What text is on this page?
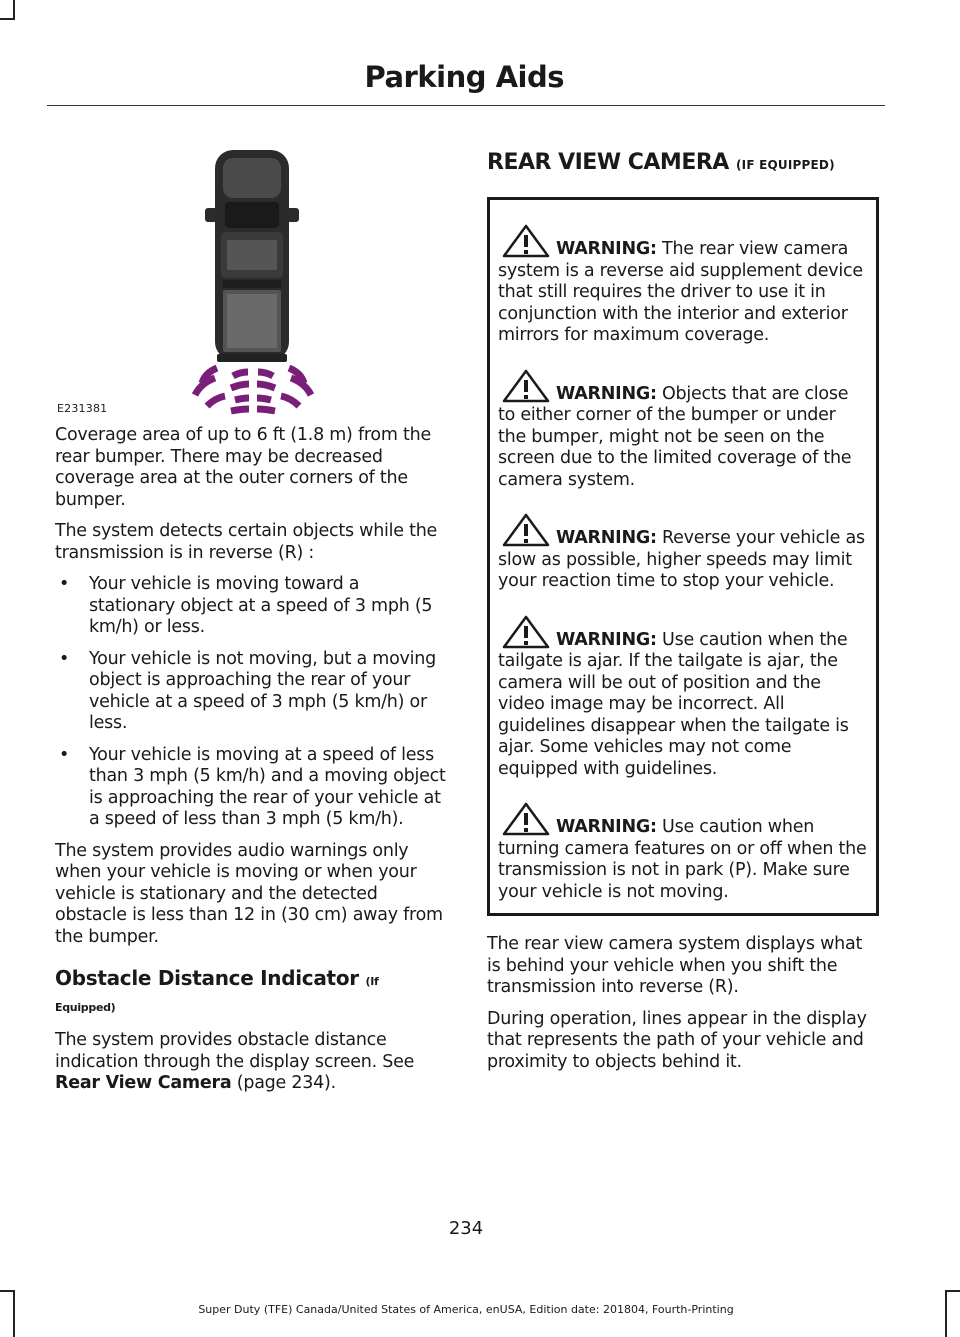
Parking Aids
E231381

Coverage area of up to 6 ft (1.8 m) from the rear bumper. There may be decreased coverage area at the outer corners of the bumper.

The system detects certain objects while the transmission is in reverse (R) :

• Your vehicle is moving toward a stationary object at a speed of 3 mph (5 km/h) or less.
• Your vehicle is not moving, but a moving object is approaching the rear of your vehicle at a speed of 3 mph (5 km/h) or less.
• Your vehicle is moving at a speed of less than 3 mph (5 km/h) and a moving object is approaching the rear of your vehicle at a speed of less than 3 mph (5 km/h).

The system provides audio warnings only when your vehicle is moving or when your vehicle is stationary and the detected obstacle is less than 12 in (30 cm) away from the bumper.

Obstacle Distance Indicator (If
Equipped)

The system provides obstacle distance indication through the display screen. See Rear View Camera (page 234).

REAR VIEW CAMERA (IF EQUIPPED)
WARNING: The rear view camera system is a reverse aid supplement device that still requires the driver to use it in conjunction with the interior and exterior mirrors for maximum coverage.
WARNING: Objects that are close to either corner of the bumper or under the bumper, might not be seen on the screen due to the limited coverage of the camera system.
WARNING: Reverse your vehicle as slow as possible, higher speeds may limit your reaction time to stop your vehicle.
WARNING: Use caution when the tailgate is ajar. If the tailgate is ajar, the camera will be out of position and the video image may be incorrect. All guidelines disappear when the tailgate is ajar. Some vehicles may not come equipped with guidelines.
WARNING: Use caution when turning camera features on or off when the transmission is not in park (P). Make sure your vehicle is not moving.

The rear view camera system displays what is behind your vehicle when you shift the transmission into reverse (R).

During operation, lines appear in the display that represents the path of your vehicle and proximity to objects behind it.

234
Super Duty (TFE) Canada/United States of America, enUSA, Edition date: 201804, Fourth-Printing
